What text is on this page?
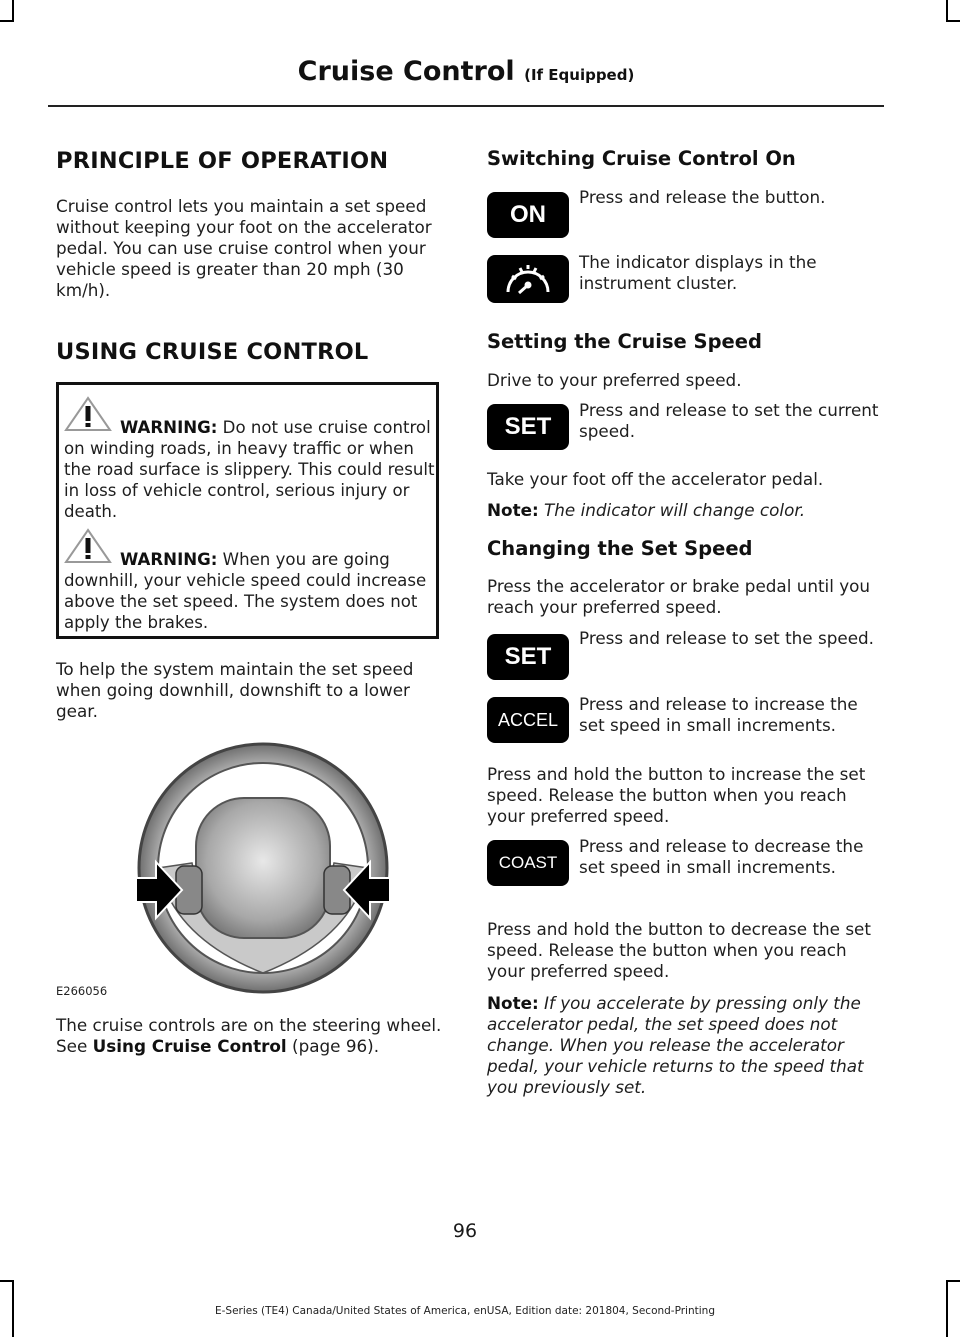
Cruise Control (If Equipped)
PRINCIPLE OF OPERATION

Cruise control lets you maintain a set speed without keeping your foot on the accelerator pedal. You can use cruise control when your vehicle speed is greater than 20 mph (30 km/h).

USING CRUISE CONTROL

WARNING: Do not use cruise control on winding roads, in heavy traffic or when the road surface is slippery. This could result in loss of vehicle control, serious injury or death.

WARNING: When you are going downhill, your vehicle speed could increase above the set speed. The system does not apply the brakes.

To help the system maintain the set speed when going downhill, downshift to a lower gear.

E266056

The cruise controls are on the steering wheel. See Using Cruise Control (page 96).

Switching Cruise Control On
ON

Press and release the button.

The indicator displays in the instrument cluster.

Setting the Cruise Speed

Drive to your preferred speed.

SET

Press and release to set the current speed.

Take your foot off the accelerator pedal.

Note: The indicator will change color.

Changing the Set Speed

Press the accelerator or brake pedal until you reach your preferred speed.

SET

Press and release to set the speed.

ACCEL

Press and release to increase the set speed in small increments.

Press and hold the button to increase the set speed. Release the button when you reach your preferred speed.

COAST

Press and release to decrease the set speed in small increments.

Press and hold the button to decrease the set speed. Release the button when you reach your preferred speed.

Note: If you accelerate by pressing only the accelerator pedal, the set speed does not change. When you release the accelerator pedal, your vehicle returns to the speed that you previously set.

96
E-Series (TE4) Canada/United States of America, enUSA, Edition date: 201804, Second-Printing
